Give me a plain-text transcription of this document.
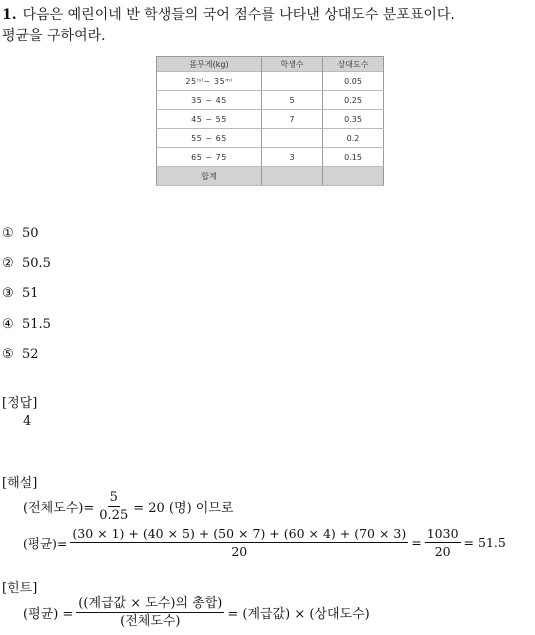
1. 다음은 예린이네 반 학생들의 국어 점수를 나타낸 상대도수 분포표이다.
평균을 구하여라.
몸무게(kg)	학생수	상대도수
25ⁱˢˡ~ 35ᵐⁱ		0.05
35 ~ 45	5	0.25
45 ~ 55	7	0.35
55 ~ 65		0.2
65 ~ 75	3	0.15
합계		
① 50
② 50.5
③ 51
④ 51.5
⑤ 52
[정답]
4
[해설]
(전체도수)= $\frac{5}{0.25} = 20$ (명) 이므로
(평균)= $\frac{(30 \times 1) + (40 \times 5) + (50 \times 7) + (60 \times 4) + (70 \times 3)}{20} = \frac{1030}{20} = 51.5$
[힌트]
(평균) = $\frac{\text{((계급값 × 도수)의 총합)}}{\text{(전체도수)}}$ = (계급값) × (상대도수)
